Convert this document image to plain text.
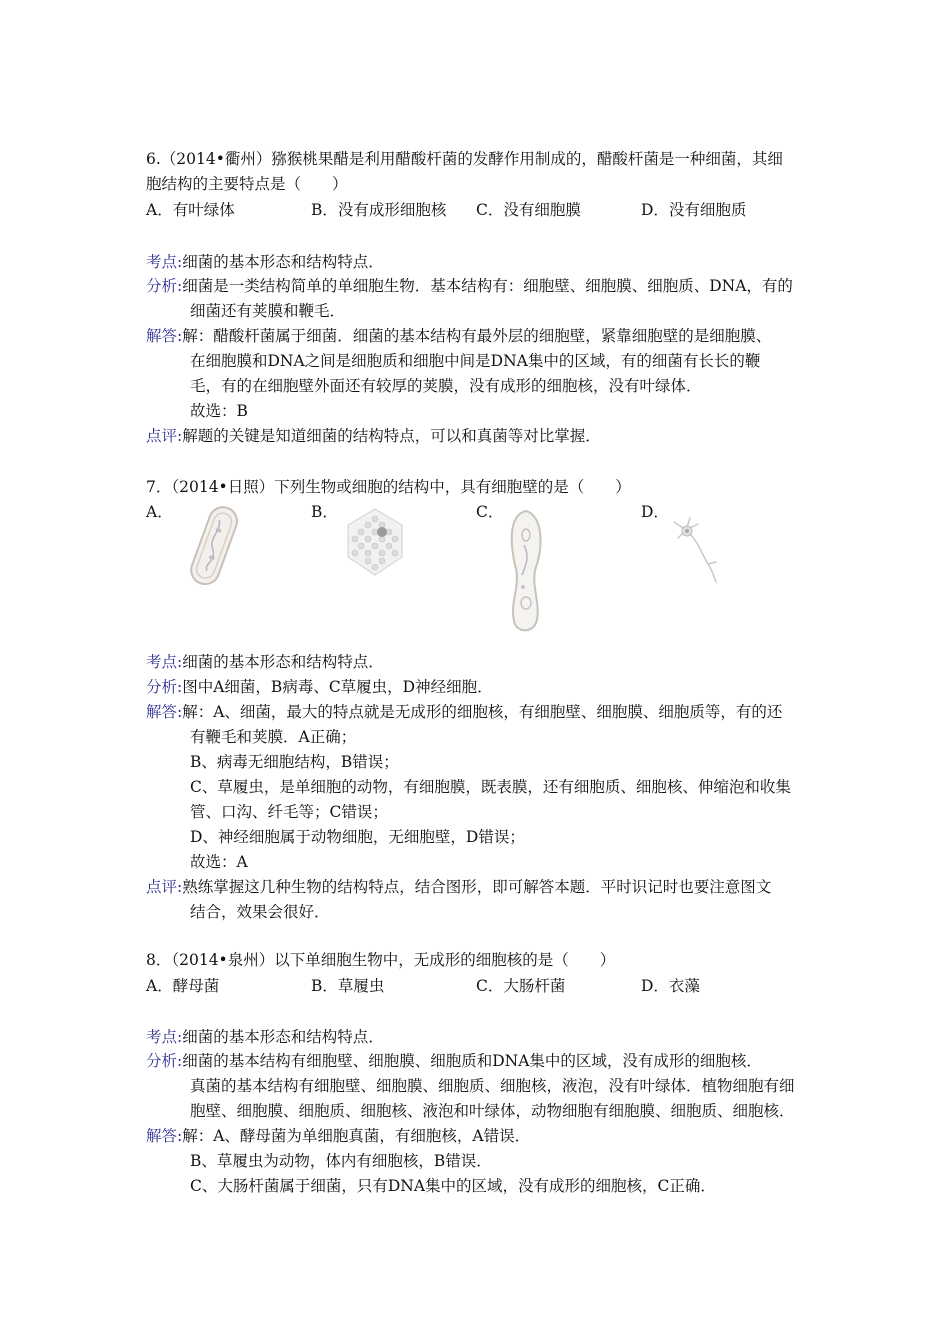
6.（2014•衢州）猕猴桃果醋是利用醋酸杆菌的发酵作用制成的，醋酸杆菌是一种细菌，其细
胞结构的主要特点是（　　）
A．有叶绿体	B．没有成形细胞核 C．没有细胞膜	D．没有细胞质
考点:细菌的基本形态和结构特点．
分析:细菌是一类结构简单的单细胞生物．基本结构有：细胞壁、细胞膜、细胞质、DNA，有的
细菌还有荚膜和鞭毛．
解答:解：醋酸杆菌属于细菌．细菌的基本结构有最外层的细胞壁，紧靠细胞壁的是细胞膜、
在细胞膜和DNA之间是细胞质和细胞中间是DNA集中的区域，有的细菌有长长的鞭
毛，有的在细胞壁外面还有较厚的荚膜，没有成形的细胞核，没有叶绿体．
故选：B
点评:解题的关键是知道细菌的结构特点，可以和真菌等对比掌握．
7．（2014•日照）下列生物或细胞的结构中，具有细胞壁的是（　　）
A．	B．	C．	D．
考点:细菌的基本形态和结构特点．
分析:图中A细菌，B病毒、C草履虫，D神经细胞．
解答:解：A、细菌，最大的特点就是无成形的细胞核，有细胞壁、细胞膜、细胞质等，有的还
有鞭毛和荚膜．A正确；
B、病毒无细胞结构，B错误；
C、草履虫，是单细胞的动物，有细胞膜，既表膜，还有细胞质、细胞核、伸缩泡和收集
管、口沟、纤毛等；C错误；
D、神经细胞属于动物细胞，无细胞壁，D错误；
故选：A
点评:熟练掌握这几种生物的结构特点，结合图形，即可解答本题．平时识记时也要注意图文
结合，效果会很好．
8．（2014•泉州）以下单细胞生物中，无成形的细胞核的是（　　）
A．酵母菌	B．草履虫	C．大肠杆菌	D．衣藻
考点:细菌的基本形态和结构特点．
分析:细菌的基本结构有细胞壁、细胞膜、细胞质和DNA集中的区域，没有成形的细胞核．
真菌的基本结构有细胞壁、细胞膜、细胞质、细胞核，液泡，没有叶绿体．植物细胞有细
胞壁、细胞膜、细胞质、细胞核、液泡和叶绿体，动物细胞有细胞膜、细胞质、细胞核．
解答:解：A、酵母菌为单细胞真菌，有细胞核，A错误．
B、草履虫为动物，体内有细胞核，B错误．
C、大肠杆菌属于细菌，只有DNA集中的区域，没有成形的细胞核，C正确．
